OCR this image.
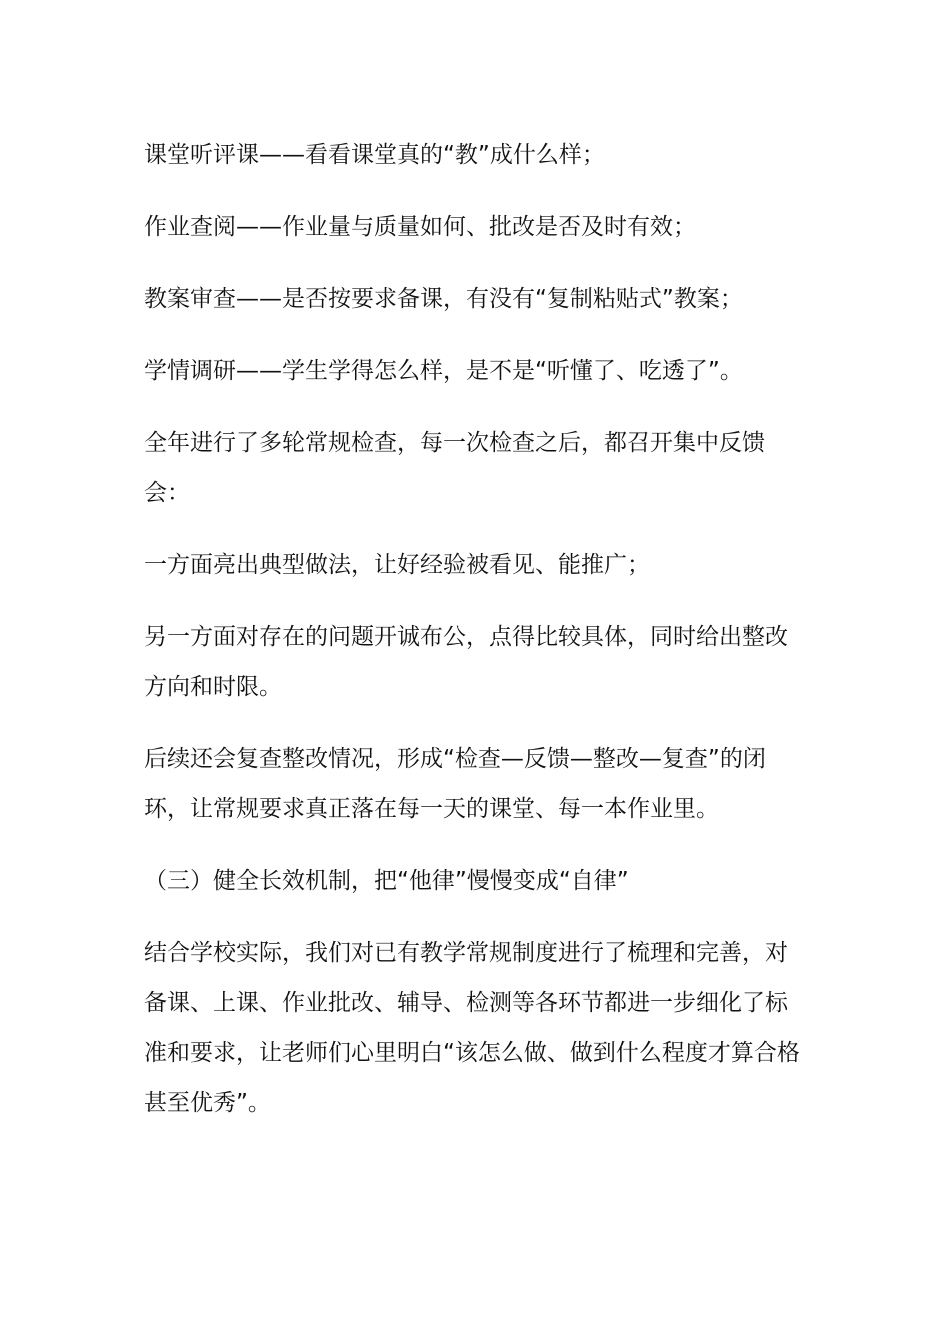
课堂听评课——看看课堂真的“教”成什么样；

作业查阅——作业量与质量如何、批改是否及时有效；

教案审查——是否按要求备课，有没有“复制粘贴式”教案；

学情调研——学生学得怎么样，是不是“听懂了、吃透了”。

全年进行了多轮常规检查，每一次检查之后，都召开集中反馈会：

一方面亮出典型做法，让好经验被看见、能推广；

另一方面对存在的问题开诚布公，点得比较具体，同时给出整改方向和时限。

后续还会复查整改情况，形成“检查—反馈—整改—复查”的闭环，让常规要求真正落在每一天的课堂、每一本作业里。

（三）健全长效机制，把“他律”慢慢变成“自律”

结合学校实际，我们对已有教学常规制度进行了梳理和完善，对备课、上课、作业批改、辅导、检测等各环节都进一步细化了标准和要求，让老师们心里明白“该怎么做、做到什么程度才算合格甚至优秀”。
